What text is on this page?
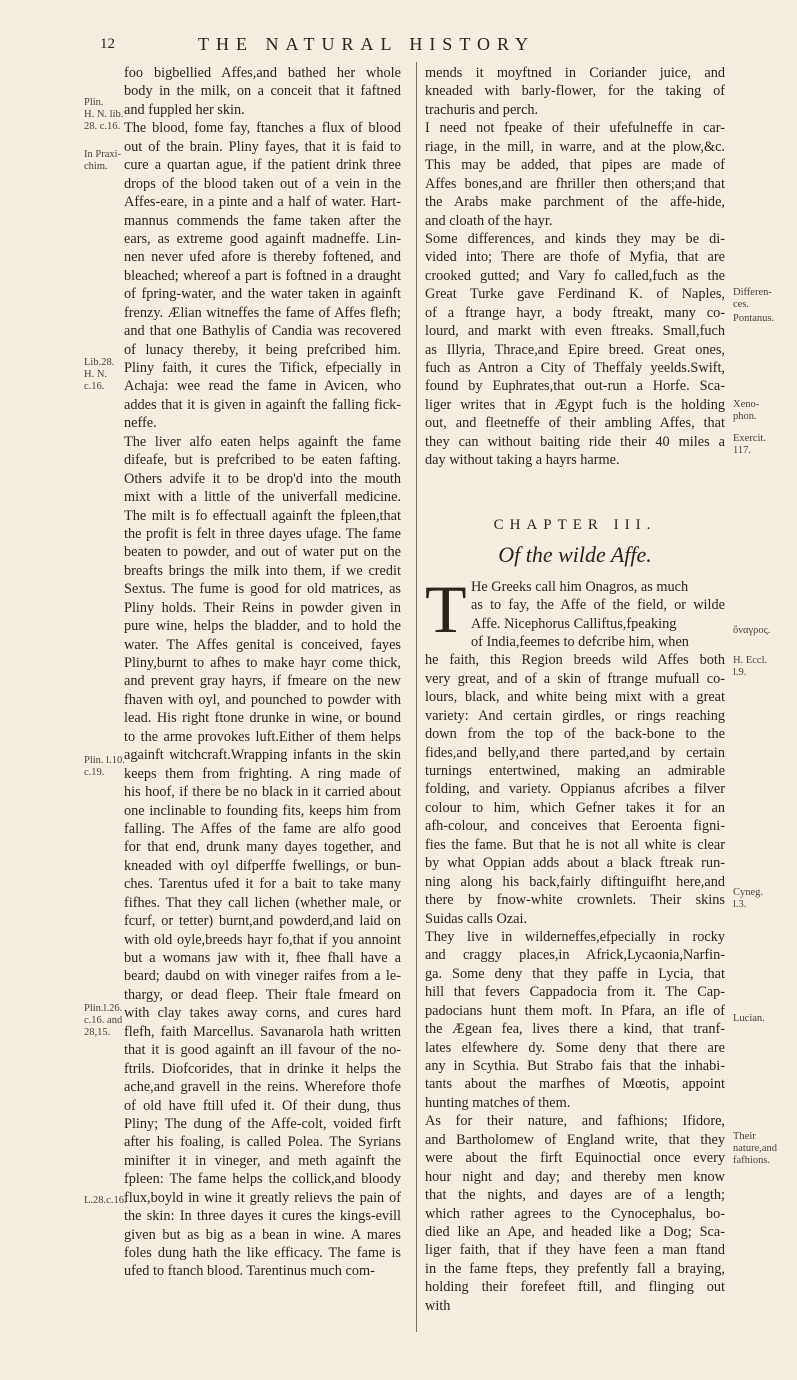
12	THE NATURAL HISTORY
foo bigbellied Affes,and bathed her whole
body in the milk, on a conceit that it faftned
and fuppled her skin.
The blood, fome fay, ftanches a flux of blood
out of the brain. Pliny fayes, that it is faid to
cure a quartan ague, if the patient drink three
drops of the blood taken out of a vein in the
Affes-eare, in a pinte and a half of water. Hart-
mannus commends the fame taken after the
ears, as extreme good againft madneffe. Lin-
nen never ufed afore is thereby foftened, and
bleached; whereof a part is foftned in a draught
of fpring-water, and the water taken in againft
frenzy. Ælian witneffes the fame of Affes flefh;
and that one Bathylis of Candia was recovered
of lunacy thereby, it being prefcribed him.
Pliny faith, it cures the Tifick, efpecially in
Achaja: wee read the fame in Avicen, who
addes that it is given in againft the falling fick-
neffe.
The liver alfo eaten helps againft the fame
difeafe, but is prefcribed to be eaten fafting.
Others advife it to be drop'd into the mouth
mixt with a little of the univerfall medicine.
The milt is fo effectuall againft the fpleen,that
the profit is felt in three dayes ufage. The fame
beaten to powder, and out of water put on the
breafts brings the milk into them, if we credit
Sextus. The fume is good for old matrices, as
Pliny holds. Their Reins in powder given in
pure wine, helps the bladder, and to hold the
water. The Affes genital is conceived, fayes
Pliny,burnt to afhes to make hayr come thick,
and prevent gray hayrs, if fmeare on the new
fhaven with oyl, and pounched to powder with
lead. His right ftone drunke in wine, or bound
to the arme provokes luft.Either of them helps
againft witchcraft.Wrapping infants in the skin
keeps them from frighting. A ring made of
his hoof, if there be no black in it carried about
one inclinable to founding fits, keeps him from
falling. The Affes of the fame are alfo good
for that end, drunk many dayes together, and
kneaded with oyl difperffe fwellings, or bun-
ches. Tarentus ufed it for a bait to take many
fifhes. That they call lichen (whether male, or
fcurf, or tetter) burnt,and powderd,and laid on
with old oyle,breeds hayr fo,that if you annoint
but a womans jaw with it, fhee fhall have a
beard; daubd on with vineger raifes from a le-
thargy, or dead fleep. Their ftale fmeard on
with clay takes away corns, and cures hard
flefh, faith Marcellus. Savanarola hath written
that it is good againft an ill favour of the no-
ftrils. Diofcorides, that in drinke it helps the
ache,and gravell in the reins. Wherefore thofe
of old have ftill ufed it. Of their dung, thus
Pliny; The dung of the Affe-colt, voided firft
after his foaling, is called Polea. The Syrians
minifter it in vineger, and meth againft the
fpleen: The fame helps the collick,and bloody
flux,boyld in wine it greatly relievs the pain of
the skin: In three dayes it cures the kings-evill
given but as big as a bean in wine. A mares
foles dung hath the like efficacy. The fame is
ufed to ftanch blood. Tarentinus much com-
mends it moyftned in Coriander juice, and
kneaded with barly-flower, for the taking of
trachuris and perch.
I need not fpeake of their ufefulneffe in car-
riage, in the mill, in warre, and at the plow,&c.
This may be added, that pipes are made of
Affes bones,and are fhriller then others;and that
the Arabs make parchment of the affe-hide,
and cloath of the hayr.
Some differences, and kinds they may be di-
vided into; There are thofe of Myfia, that are
crooked gutted; and Vary fo called,fuch as the
Great Turke gave Ferdinand K. of Naples,
of a ftrange hayr, a body ftreakt, many co-
lourd, and markt with even ftreaks. Small,fuch
as Illyria, Thrace,and Epire breed. Great ones,
fuch as Antron a City of Theffaly yeelds.Swift,
found by Euphrates,that out-run a Horfe. Sca-
liger writes that in Ægypt fuch is the holding
out, and fleetneffe of their ambling Affes, that
they can without baiting ride their 40 miles a
day without taking a hayrs harme.
CHAPTER III.
Of the wilde Affe.
T He Greeks call him Onagros, as much
as to fay, the Affe of the field, or wilde
Affe. Nicephorus Calliftus,fpeaking
of India,feemes to defcribe him, when
he faith, this Region breeds wild Affes both
very great, and of a skin of ftrange mufuall co-
lours, black, and white being mixt with a great
variety: And certain girdles, or rings reaching
down from the top of the back-bone to the
fides,and belly,and there parted,and by certain
turnings entertwined, making an admirable
folding, and variety. Oppianus afcribes a filver
colour to him, which Gefner takes it for an
afh-colour, and conceives that Eeroenta figni-
fies the fame. But that he is not all white is clear
by what Oppian adds about a black ftreak run-
ning along his back,fairly diftinguifht here,and
there by fnow-white crownlets. Their skins
Suidas calls Ozai.
They live in wilderneffes,efpecially in rocky
and craggy places,in Africk,Lycaonia,Narfin-
ga. Some deny that they paffe in Lycia, that
hill that fevers Cappadocia from it. The Cap-
padocians hunt them moft. In Pfara, an ifle of
the Ægean fea, lives there a kind, that tranf-
lates elfewhere dy. Some deny that there are
any in Scythia. But Strabo fais that the inhabi-
tants about the marfhes of Mœotis, appoint
hunting matches of them.
As for their nature, and fafhions; Ifidore,
and Bartholomew of England write, that they
were about the firft Equinoctial once every
hour night and day; and thereby men know
that the nights, and dayes are of a length;
which rather agrees to the Cynocephalus, bo-
died like an Ape, and headed like a Dog; Sca-
liger faith, that if they have feen a man ftand
in the fame fteps, they prefently fall a braying,
holding their forefeet ftill, and flinging out
with
Plin.
H. N. lib.
28. c.16.
In Praxi-
chim.
Lib.28.
H. N.
c.16.
Plin. l.10.
c.19.
Plin.l.26.
c.16. and
28,15.
L.28.c.16.
Differen-
ces.
Pontanus.
Xeno-
phon.
Exercit.
117.
ὄναγρος.
H. Eccl.
l.9.
Cyneg.
l.3.
Lucian.
Their
nature,and
fafhions.
